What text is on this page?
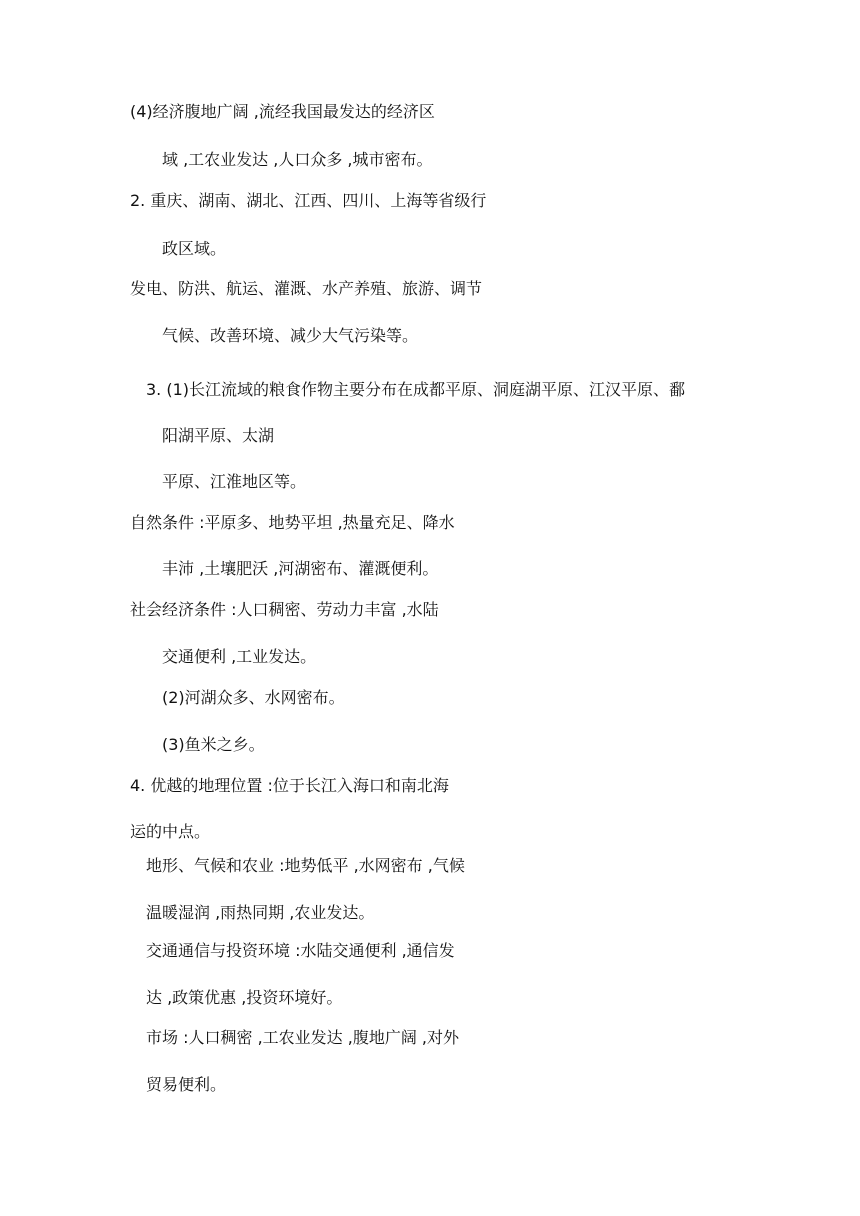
(4)经济腹地广阔 ,流经我国最发达的经济区
域 ,工农业发达 ,人口众多 ,城市密布。
2. 重庆、湖南、湖北、江西、四川、上海等省级行
政区域。
发电、防洪、航运、灌溉、水产养殖、旅游、调节
气候、改善环境、减少大气污染等。
3. (1)长江流域的粮食作物主要分布在成都平原、洞庭湖平原、江汉平原、鄱
阳湖平原、太湖
平原、江淮地区等。
自然条件 :平原多、地势平坦 ,热量充足、降水
丰沛 ,土壤肥沃 ,河湖密布、灌溉便利。
社会经济条件 :人口稠密、劳动力丰富 ,水陆
交通便利 ,工业发达。
(2)河湖众多、水网密布。
(3)鱼米之乡。
4. 优越的地理位置 :位于长江入海口和南北海
运的中点。
地形、气候和农业 :地势低平 ,水网密布 ,气候
温暖湿润 ,雨热同期 ,农业发达。
交通通信与投资环境 :水陆交通便利 ,通信发
达 ,政策优惠 ,投资环境好。
市场 :人口稠密 ,工农业发达 ,腹地广阔 ,对外
贸易便利。
